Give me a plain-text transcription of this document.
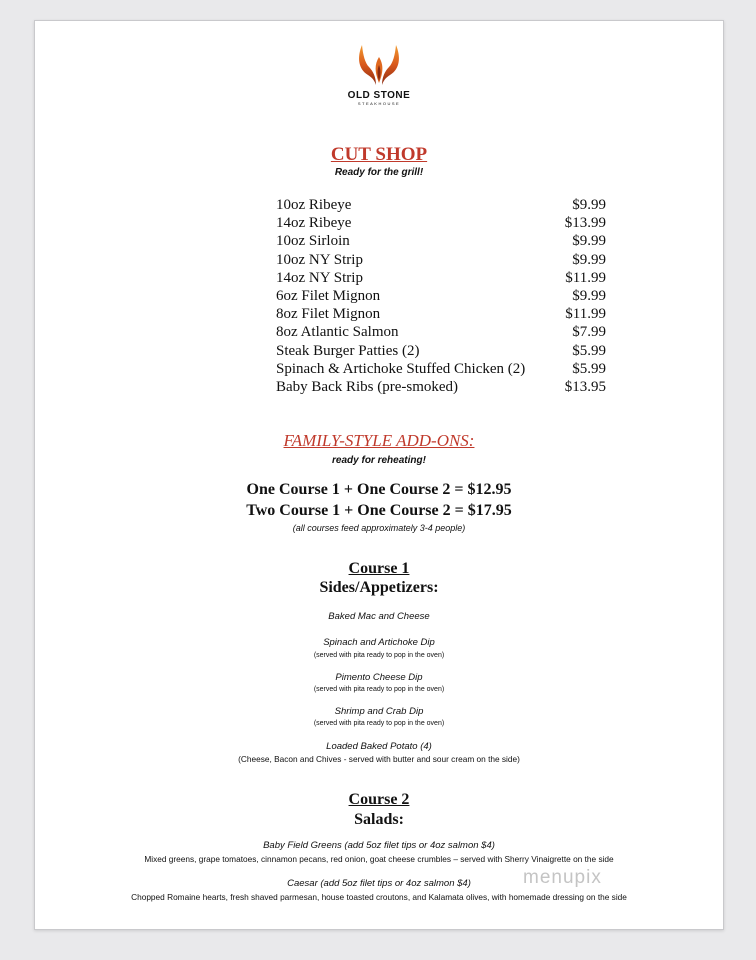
OLD STONE
STEAKHOUSE
CUT SHOP
Ready for the grill!
10oz Ribeye	$9.99
14oz Ribeye	$13.99
10oz Sirloin	$9.99
10oz NY Strip	$9.99
14oz NY Strip	$11.99
6oz Filet Mignon	$9.99
8oz Filet Mignon	$11.99
8oz Atlantic Salmon	$7.99
Steak Burger Patties (2)	$5.99
Spinach & Artichoke Stuffed Chicken (2)	$5.99
Baby Back Ribs (pre-smoked)	$13.95
FAMILY-STYLE ADD-ONS:
ready for reheating!
One Course 1 + One Course 2 = $12.95
Two Course 1 + One Course 2 = $17.95
(all courses feed approximately 3-4 people)
Course 1
Sides/Appetizers:
Baked Mac and Cheese
Spinach and Artichoke Dip
(served with pita ready to pop in the oven)
Pimento Cheese Dip
(served with pita ready to pop in the oven)
Shrimp and Crab Dip
(served with pita ready to pop in the oven)
Loaded Baked Potato (4)
(Cheese, Bacon and Chives - served with butter and sour cream on the side)
Course 2
Salads:
Baby Field Greens (add 5oz filet tips or 4oz salmon $4)
Mixed greens, grape tomatoes, cinnamon pecans, red onion, goat cheese crumbles – served with Sherry Vinaigrette on the side
Caesar (add 5oz filet tips or 4oz salmon $4)
Chopped Romaine hearts, fresh shaved parmesan, house toasted croutons, and Kalamata olives, with homemade dressing on the side
menupix
